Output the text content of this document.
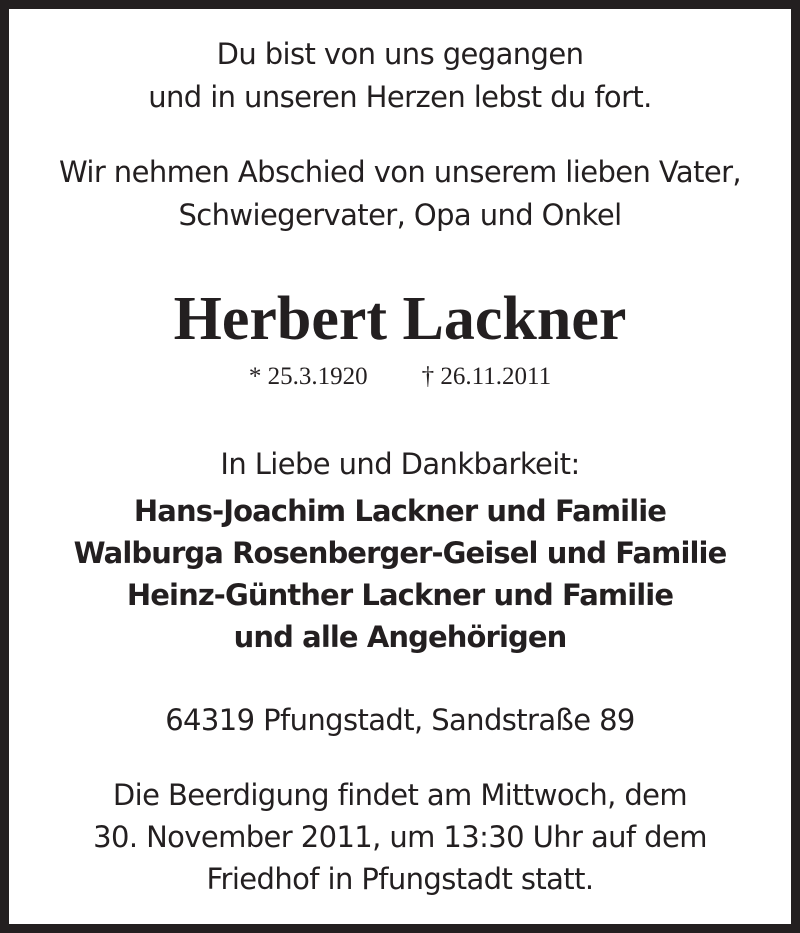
Du bist von uns gegangen
und in unseren Herzen lebst du fort.
Wir nehmen Abschied von unserem lieben Vater,
Schwiegervater, Opa und Onkel
Herbert Lackner
* 25.3.1920 † 26.11.2011
In Liebe und Dankbarkeit:
Hans-Joachim Lackner und Familie
Walburga Rosenberger-Geisel und Familie
Heinz-Günther Lackner und Familie
und alle Angehörigen
64319 Pfungstadt, Sandstraße 89
Die Beerdigung findet am Mittwoch, dem
30. November 2011, um 13:30 Uhr auf dem
Friedhof in Pfungstadt statt.
